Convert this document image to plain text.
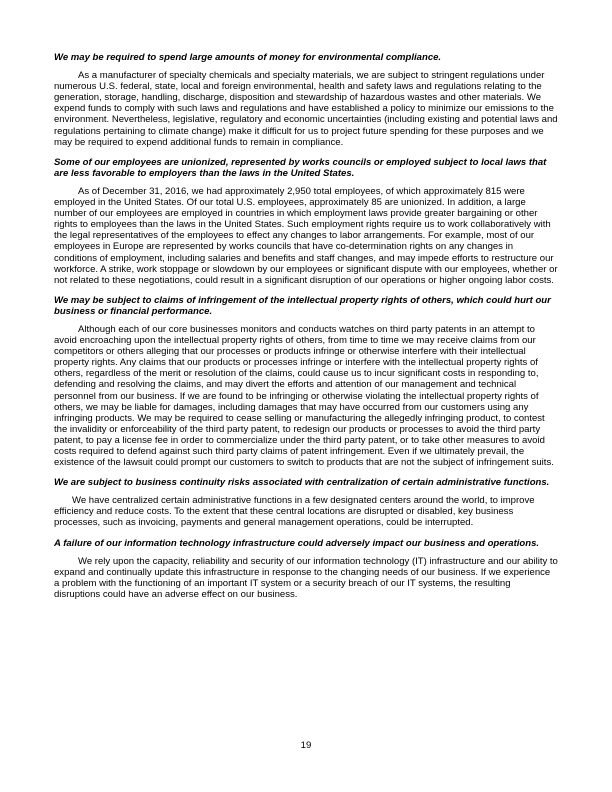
We may be required to spend large amounts of money for environmental compliance.

As a manufacturer of specialty chemicals and specialty materials, we are subject to stringent regulations under numerous U.S. federal, state, local and foreign environmental, health and safety laws and regulations relating to the generation, storage, handling, discharge, disposition and stewardship of hazardous wastes and other materials. We expend funds to comply with such laws and regulations and have established a policy to minimize our emissions to the environment. Nevertheless, legislative, regulatory and economic uncertainties (including existing and potential laws and regulations pertaining to climate change) make it difficult for us to project future spending for these purposes and we may be required to expend additional funds to remain in compliance.

Some of our employees are unionized, represented by works councils or employed subject to local laws that are less favorable to employers than the laws in the United States.

As of December 31, 2016, we had approximately 2,950 total employees, of which approximately 815 were employed in the United States. Of our total U.S. employees, approximately 85 are unionized. In addition, a large number of our employees are employed in countries in which employment laws provide greater bargaining or other rights to employees than the laws in the United States. Such employment rights require us to work collaboratively with the legal representatives of the employees to effect any changes to labor arrangements. For example, most of our employees in Europe are represented by works councils that have co-determination rights on any changes in conditions of employment, including salaries and benefits and staff changes, and may impede efforts to restructure our workforce. A strike, work stoppage or slowdown by our employees or significant dispute with our employees, whether or not related to these negotiations, could result in a significant disruption of our operations or higher ongoing labor costs.

We may be subject to claims of infringement of the intellectual property rights of others, which could hurt our business or financial performance.

Although each of our core businesses monitors and conducts watches on third party patents in an attempt to avoid encroaching upon the intellectual property rights of others, from time to time we may receive claims from our competitors or others alleging that our processes or products infringe or otherwise interfere with their intellectual property rights. Any claims that our products or processes infringe or interfere with the intellectual property rights of others, regardless of the merit or resolution of the claims, could cause us to incur significant costs in responding to, defending and resolving the claims, and may divert the efforts and attention of our management and technical personnel from our business. If we are found to be infringing or otherwise violating the intellectual property rights of others, we may be liable for damages, including damages that may have occurred from our customers using any infringing products. We may be required to cease selling or manufacturing the allegedly infringing product, to contest the invalidity or enforceability of the third party patent, to redesign our products or processes to avoid the third party patent, to pay a license fee in order to commercialize under the third party patent, or to take other measures to avoid costs required to defend against such third party claims of patent infringement. Even if we ultimately prevail, the existence of the lawsuit could prompt our customers to switch to products that are not the subject of infringement suits.

We are subject to business continuity risks associated with centralization of certain administrative functions.

We have centralized certain administrative functions in a few designated centers around the world, to improve efficiency and reduce costs. To the extent that these central locations are disrupted or disabled, key business processes, such as invoicing, payments and general management operations, could be interrupted.

A failure of our information technology infrastructure could adversely impact our business and operations.

We rely upon the capacity, reliability and security of our information technology (IT) infrastructure and our ability to expand and continually update this infrastructure in response to the changing needs of our business. If we experience a problem with the functioning of an important IT system or a security breach of our IT systems, the resulting disruptions could have an adverse effect on our business.

19
